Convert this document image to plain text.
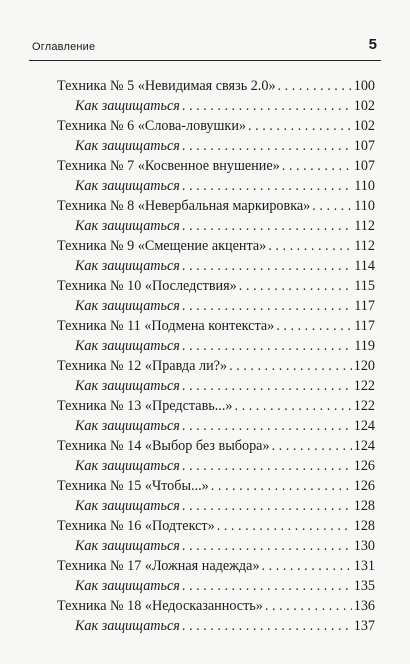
Оглавление	5
Техника № 5 «Невидимая связь 2.0» . . .	100
Как защищаться . . .	102
Техника № 6 «Слова-ловушки» . . .	102
Как защищаться . . .	107
Техника № 7 «Косвенное внушение» . . .	107
Как защищаться . . .	110
Техника № 8 «Невербальная маркировка» . . .	110
Как защищаться . . .	112
Техника № 9 «Смещение акцента» . . .	112
Как защищаться . . .	114
Техника № 10 «Последствия» . . .	115
Как защищаться . . .	117
Техника № 11 «Подмена контекста» . . .	117
Как защищаться . . .	119
Техника № 12 «Правда ли?» . . .	120
Как защищаться . . .	122
Техника № 13 «Представь...» . . .	122
Как защищаться . . .	124
Техника № 14 «Выбор без выбора» . . .	124
Как защищаться . . .	126
Техника № 15 «Чтобы...» . . .	126
Как защищаться . . .	128
Техника № 16 «Подтекст» . . .	128
Как защищаться . . .	130
Техника № 17 «Ложная надежда» . . .	131
Как защищаться . . .	135
Техника № 18 «Недосказанность» . . .	136
Как защищаться . . .	137
